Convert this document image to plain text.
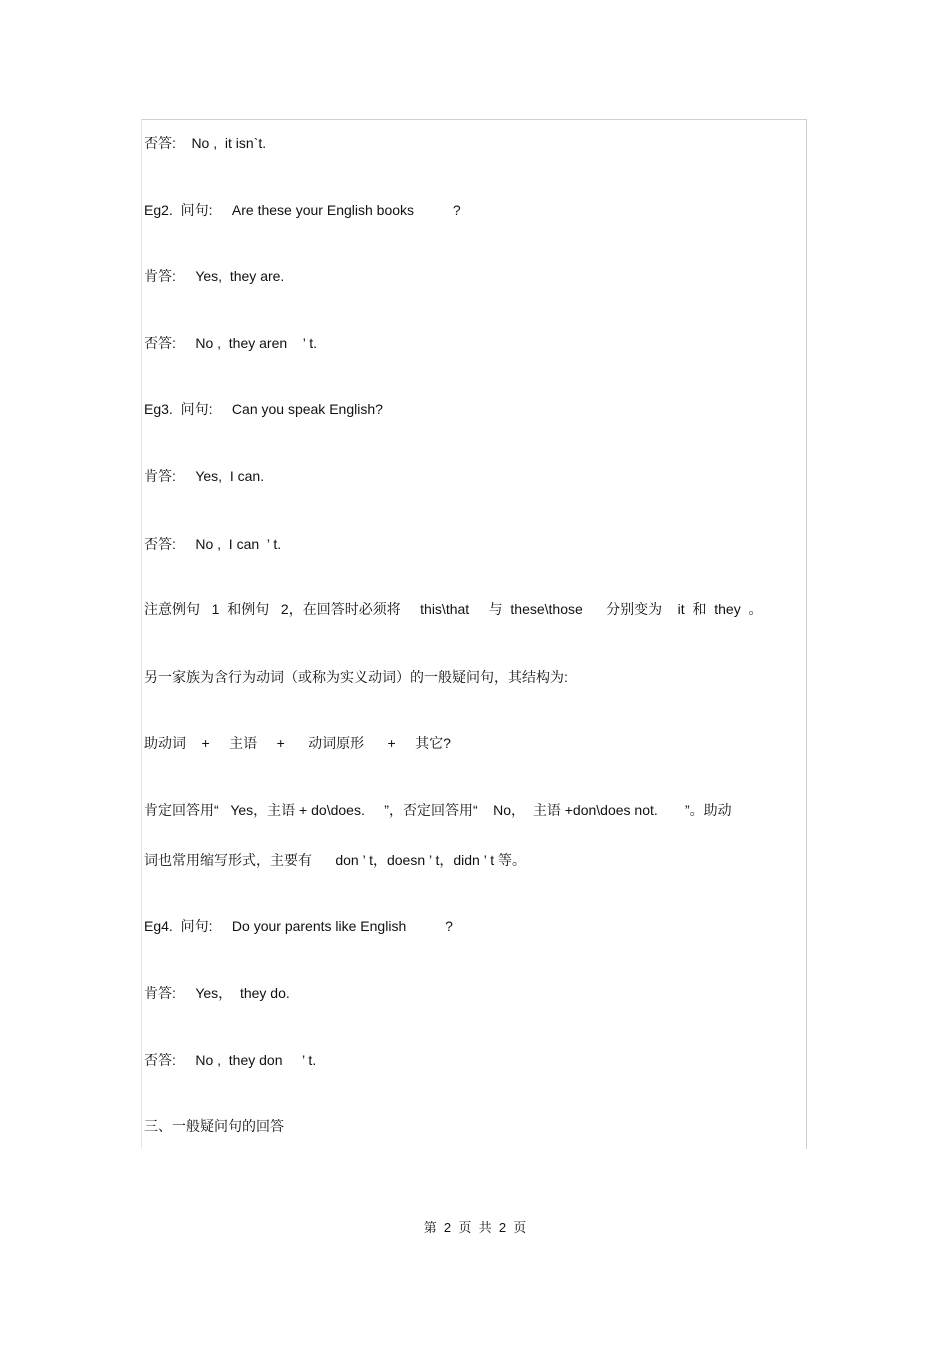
否答:    No ,  it isn`t.
Eg2.  问句:     Are these your English books          ?
肯答:     Yes,  they are.
否答:     No ,  they aren    ’ t.
Eg3.  问句:     Can you speak English?
肯答:     Yes,  I can.
否答:     No ,  I can  ’ t.
注意例句   1  和例句   2，在回答时必须将     this\that     与  these\those      分别变为    it  和  they  。
另一家族为含行为动词（或称为实义动词）的一般疑问句，其结构为:
助动词    +     主语     +      动词原形      +     其它?
肯定回答用“   Yes，主语 + do\does.     ”，否定回答用“    No，  主语 +don\does not.       ”。助动
词也常用缩写形式，主要有      don ’ t，doesn ’ t，didn ’ t 等。
Eg4.  问句:     Do your parents like English          ?
肯答:     Yes，  they do.
否答:     No ,  they don     ’ t.
三、一般疑问句的回答
第  2  页  共  2  页
